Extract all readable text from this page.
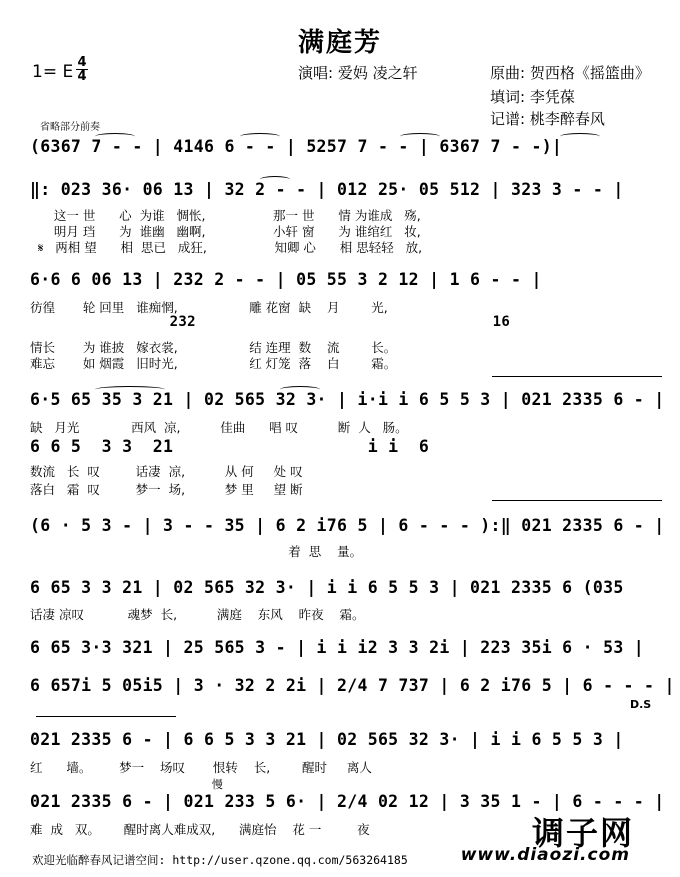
满庭芳
1= E 4
4	演唱: 爱妈 凌之轩	原曲: 贺西格《摇篮曲》
填词: 李凭葆
记谱: 桃李醉春风
省略部分前奏
(6367 7 - - | 4146 6 - - | 5257 7 - - | 6367 7 - -)|
‖: 023 36· 06 13 | 32 2 - - | 012 25· 05 512 | 323 3 - - |
这一 世      心  为谁   惆怅,                 那一 世      情 为谁成   殇,
明月 珰      为  谁幽   幽啊,                 小轩 窗      为 谁绾红   妆,
𝄋   两相 望      相  思已   成狂,                 知卿 心      相 思轻轻   放,
6·6 6 06 13 | 232 2 - - | 05 55 3 2 12 | 1 6 - - |
彷徨       轮 回里   谁痴惘,                  雕 花窗  缺    月        光,
232                                  16
情长       为 谁披   嫁衣裳,                  结 连理  数    流        长。
难忘       如 烟霞   旧时光,                  红 灯笼  落    白        霜。
6·5 65 35 3 21 | 02 565 32 3· | i·i i 6 5 5 3 | 021 2335 6 - |
缺   月光             西风  凉,          佳曲      唱 叹          断  人   肠。
6 6 5  3 3  21                   i i  6
数流   长  叹         话凄  凉,          从 何     处 叹
落白   霜  叹         梦一  场,          梦 里     望 断
(6 · 5 3 - | 3 - - 35 | 6 2 i76 5 | 6 - - - ):‖ 021 2335 6 - |
着  思    量。
6 65 3 3 21 | 02 565 32 3· | i i 6 5 5 3 | 021 2335 6 (035
话凄 凉叹           魂梦  长,          满庭    东风    昨夜    霜。
6 65 3·3 321 | 25 565 3 - | i i i2 3 3 2i | 223 35i 6 · 53 |
6 657i 5 05i5 | 3 · 32 2 2i | 2/4 7 737 | 6 2 i76 5 | 6 - - - |
D.S
021 2335 6 - | 6 6 5 3 3 21 | 02 565 32 3· | i i 6 5 5 3 |
红      墙。       梦一    场叹       恨转    长,        醒时     离人
021 2335 6 - | 021 233 5 6· | 2/4 02 12 | 3 35 1 - | 6 - - - |
难  成   双。      醒时离人难成双,      满庭怡    花 一         夜
慢
欢迎光临醉春风记谱空间: http://user.qzone.qq.com/563264185
调子网
www.diaozi.com
